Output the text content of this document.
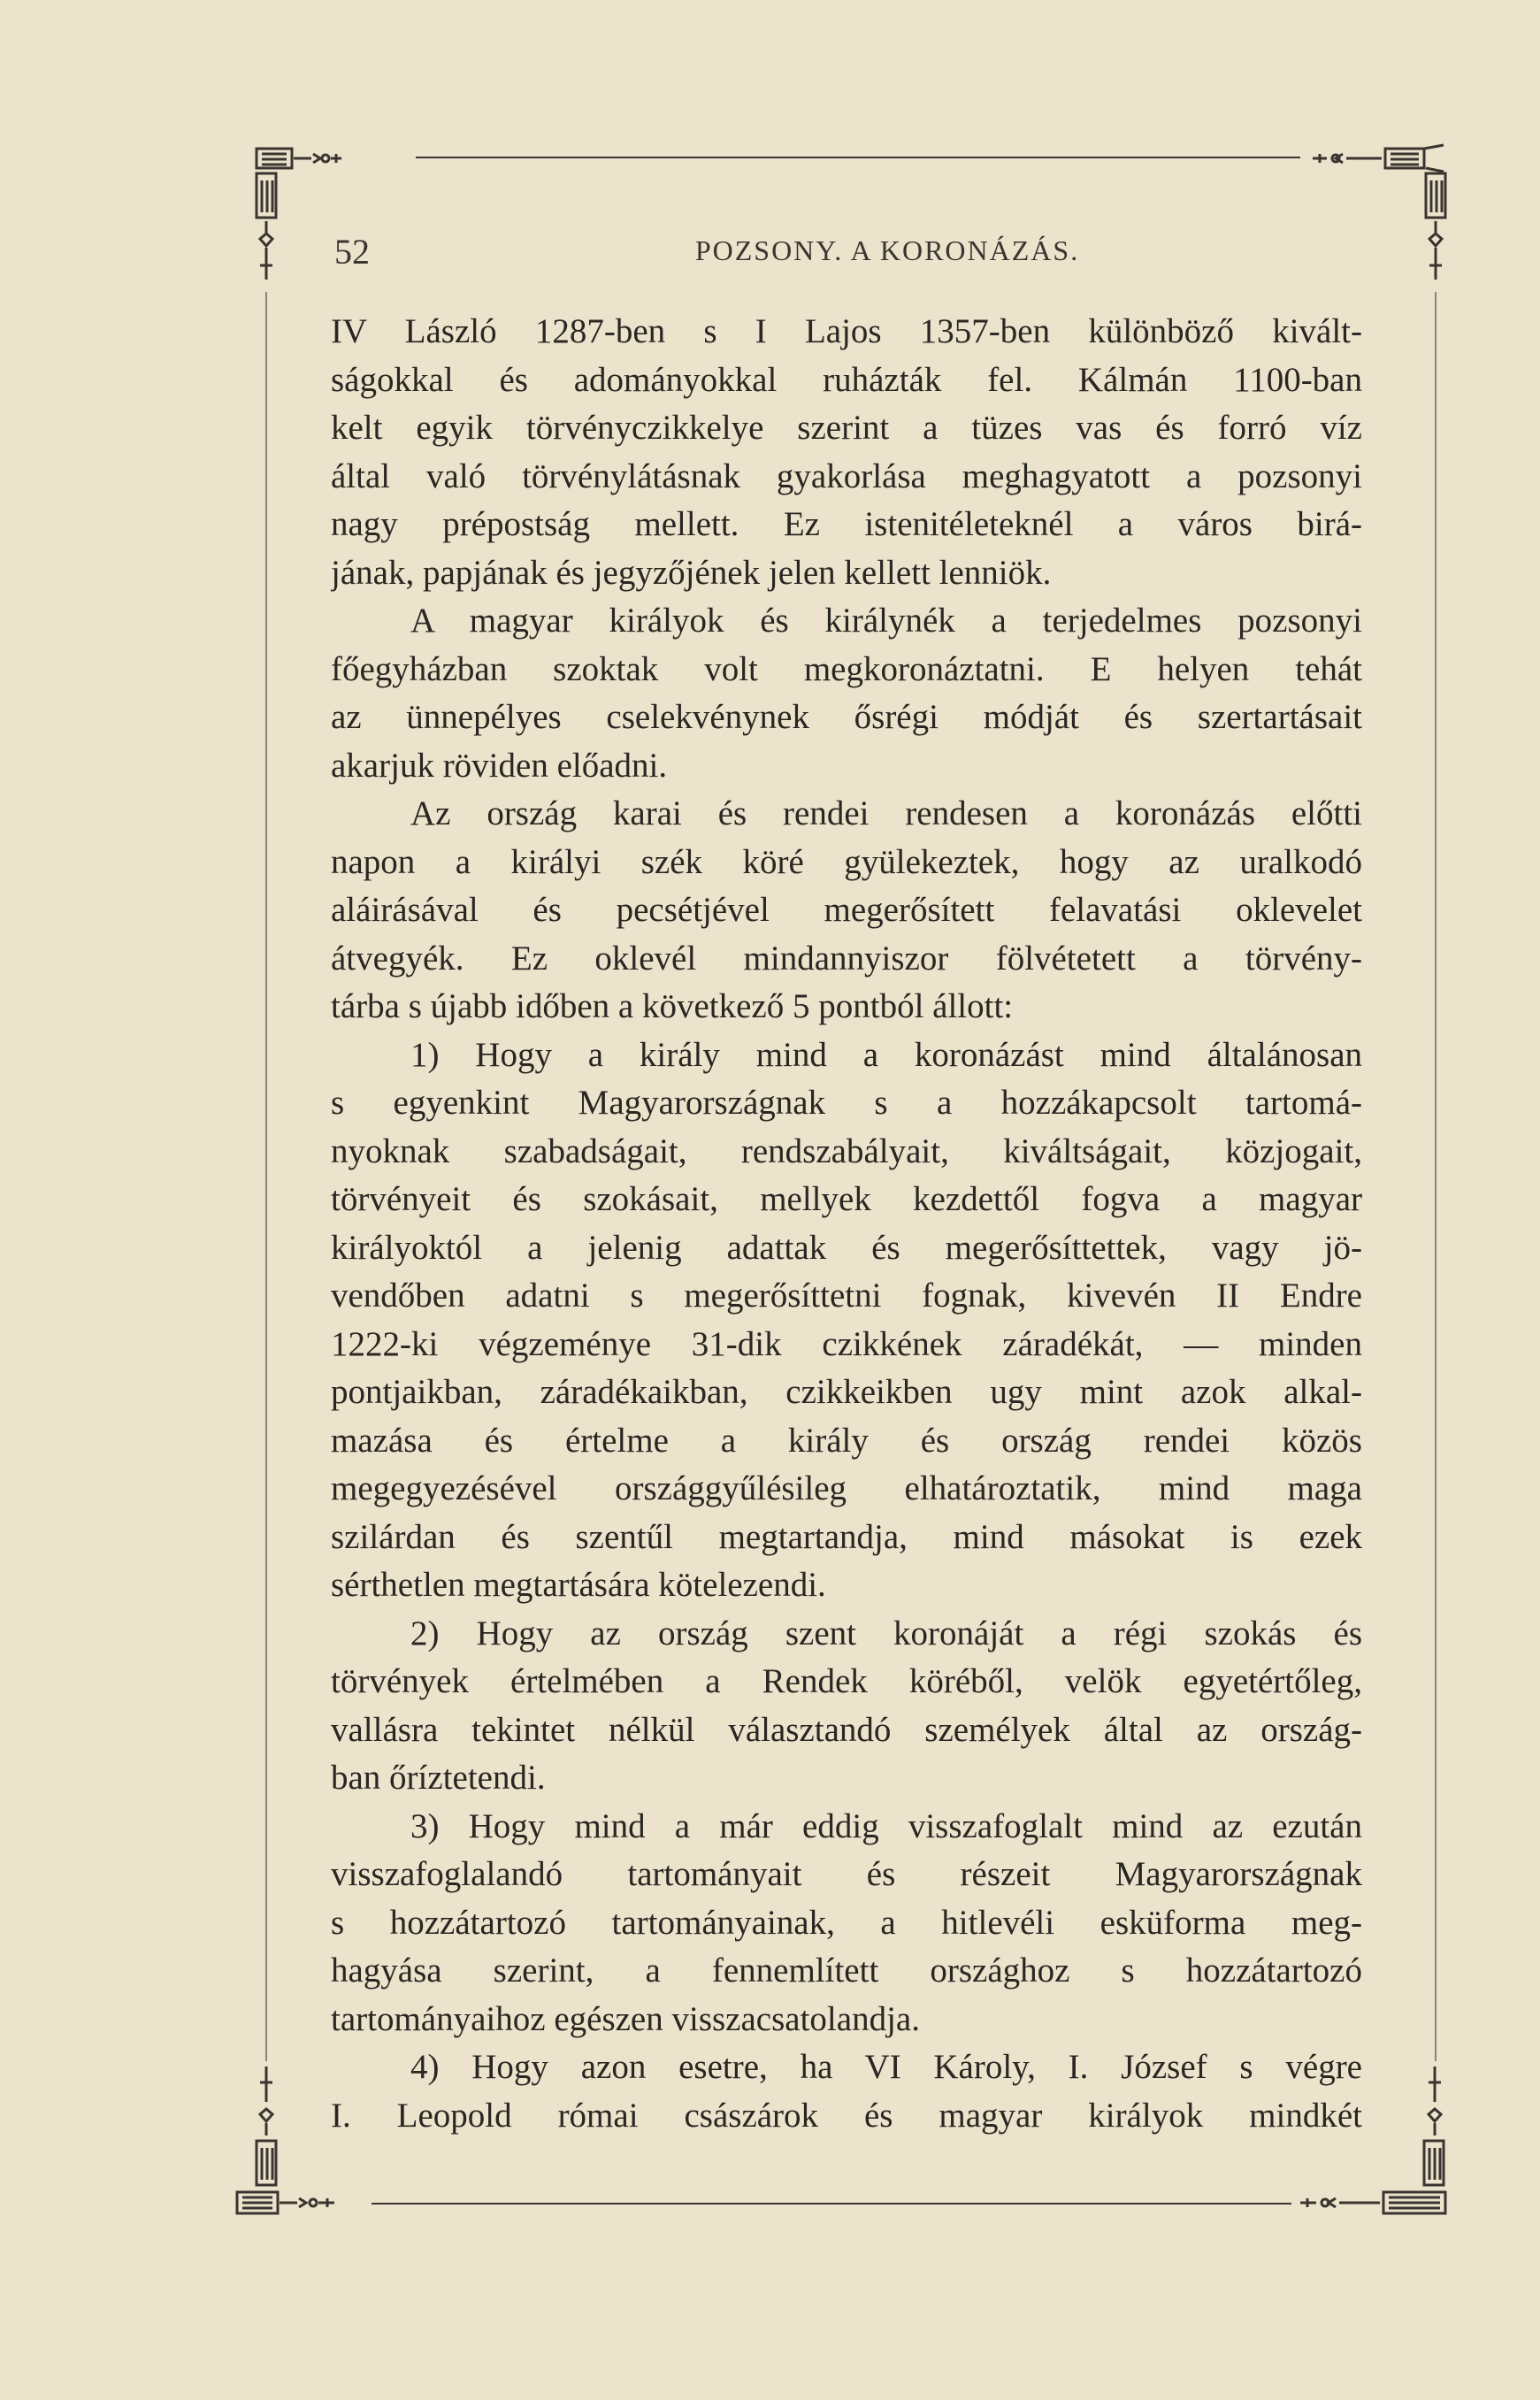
52	POZSONY. A KORONÁZÁS.
IV László 1287-ben s I Lajos 1357-ben különböző kivált-
ságokkal és adományokkal ruházták fel. Kálmán 1100-ban
kelt egyik törvényczikkelye szerint a tüzes vas és forró víz
által való törvénylátásnak gyakorlása meghagyatott a pozsonyi
nagy prépostság mellett. Ez istenitéleteknél a város birá-
jának, papjának és jegyzőjének jelen kellett lenniök.
A magyar királyok és királynék a terjedelmes pozsonyi
főegyházban szoktak volt megkoronáztatni. E helyen tehát
az ünnepélyes cselekvénynek ősrégi módját és szertartásait
akarjuk röviden előadni.
Az ország karai és rendei rendesen a koronázás előtti
napon a királyi szék köré gyülekeztek, hogy az uralkodó
aláirásával és pecsétjével megerősített felavatási oklevelet
átvegyék. Ez oklevél mindannyiszor fölvétetett a törvény-
tárba s újabb időben a következő 5 pontból állott:
1) Hogy a király mind a koronázást mind általánosan
s egyenkint Magyarországnak s a hozzákapcsolt tartomá-
nyoknak szabadságait, rendszabályait, kiváltságait, közjogait,
törvényeit és szokásait, mellyek kezdettől fogva a magyar
királyoktól a jelenig adattak és megerősíttettek, vagy jö-
vendőben adatni s megerősíttetni fognak, kivevén II Endre
1222-ki végzeménye 31-dik czikkének záradékát, — minden
pontjaikban, záradékaikban, czikkeikben ugy mint azok alkal-
mazása és értelme a király és ország rendei közös
megegyezésével országgyűlésileg elhatároztatik, mind maga
szilárdan és szentűl megtartandja, mind másokat is ezek
sérthetlen megtartására kötelezendi.
2) Hogy az ország szent koronáját a régi szokás és
törvények értelmében a Rendek köréből, velök egyetértőleg,
vallásra tekintet nélkül választandó személyek által az ország-
ban őríztetendi.
3) Hogy mind a már eddig visszafoglalt mind az ezután
visszafoglalandó tartományait és részeit Magyarországnak
s hozzátartozó tartományainak, a hitlevéli esküforma meg-
hagyása szerint, a fennemlített országhoz s hozzátartozó
tartományaihoz egészen visszacsatolandja.
4) Hogy azon esetre, ha VI Károly, I. József s végre
I. Leopold római császárok és magyar királyok mindkét
